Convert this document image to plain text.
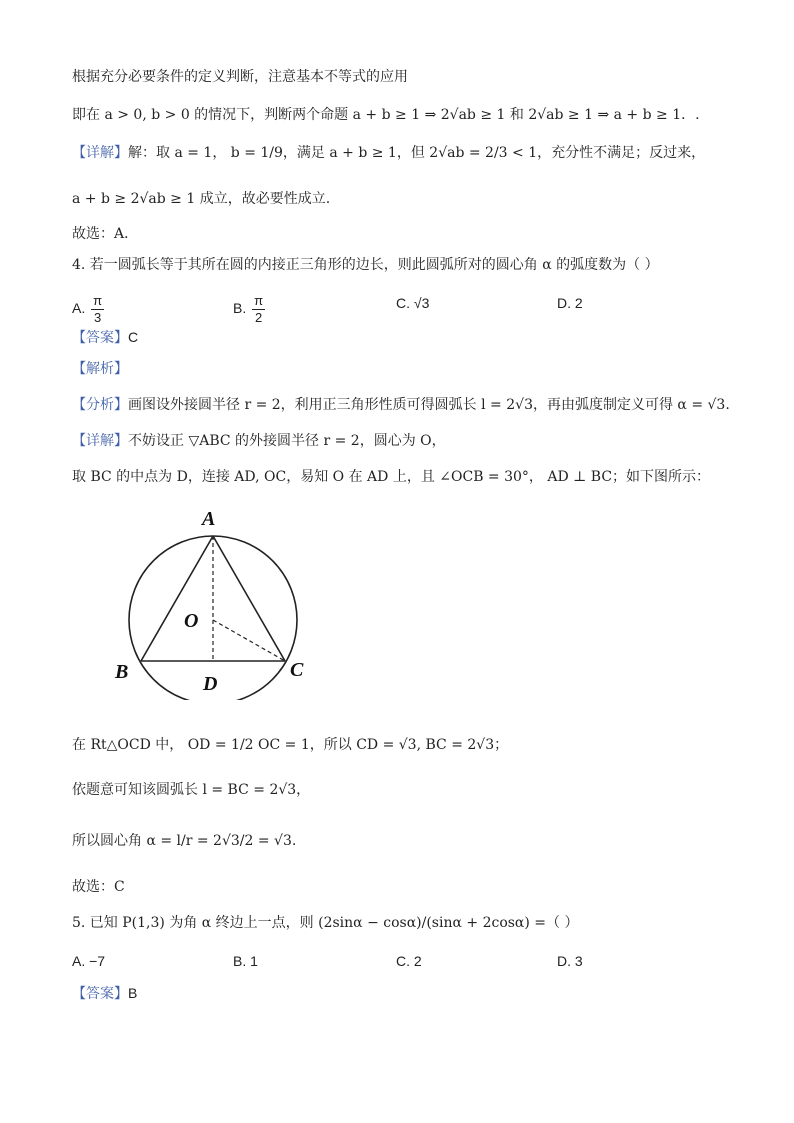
根据充分必要条件的定义判断，注意基本不等式的应用
即在 a > 0, b > 0 的情况下，判断两个命题 a + b ≥ 1 ⇒ 2√ab ≥ 1 和 2√ab ≥ 1 ⇒ a + b ≥ 1．.
【详解】解：取 a = 1， b = 1/9，满足 a + b ≥ 1，但 2√ab = 2/3 < 1，充分性不满足；反过来，
a + b ≥ 2√ab ≥ 1 成立，故必要性成立.
故选：A．
4. 若一圆弧长等于其所在圆的内接正三角形的边长，则此圆弧所对的圆心角 α 的弧度数为（ ）
A. $\frac{\pi}{3}$	B. $\frac{\pi}{2}$	C. √3	D. 2
【答案】C
【解析】
【分析】画图设外接圆半径 r = 2，利用正三角形性质可得圆弧长 l = 2√3，再由弧度制定义可得 α = √3.
【详解】不妨设正 ▽ABC 的外接圆半径 r = 2，圆心为 O，
取 BC 的中点为 D，连接 AD, OC，易知 O 在 AD 上，且 ∠OCB = 30°， AD ⊥ BC；如下图所示：
A
O
B
D
C
在 Rt△OCD 中， OD = 1/2 OC = 1，所以 CD = √3, BC = 2√3；
依题意可知该圆弧长 l = BC = 2√3，
所以圆心角 α = l/r = 2√3/2 = √3.
故选：C
5. 已知 P(1,3) 为角 α 终边上一点，则 (2sinα − cosα)/(sinα + 2cosα) =（ ）
A. −7	B. 1	C. 2	D. 3
【答案】B
